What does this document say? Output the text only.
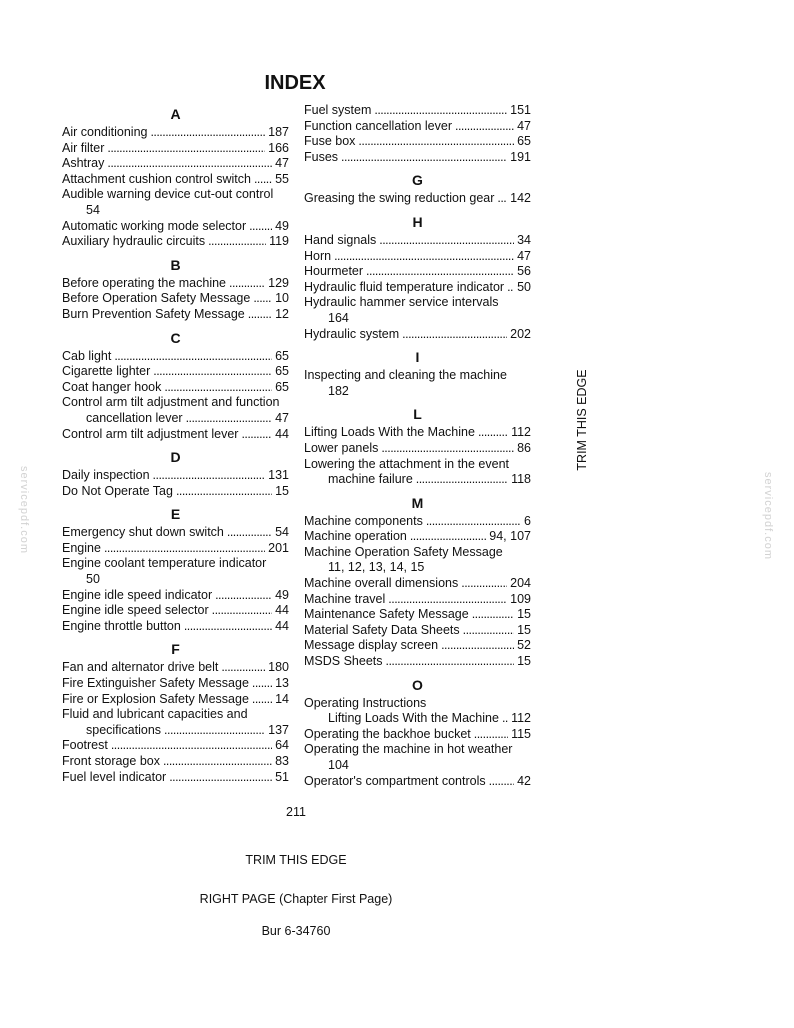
INDEX
A
Air conditioning . . .	187
Air filter . . .	166
Ashtray . . .	47
Attachment cushion control switch . . . 55
Audible warning device cut-out control
54
Automatic working mode selector . . . 49
Auxiliary hydraulic circuits . . .	119
B
Before operating the machine . . .	129
Before Operation Safety Message . . . 10
Burn Prevention Safety Message . . . 12
C
Cab light . . .	65
Cigarette lighter . . .	65
Coat hanger hook . . .	65
Control arm tilt adjustment and function
cancellation lever . . .	47
Control arm tilt adjustment lever . . .	44
D
Daily inspection . . .	131
Do Not Operate Tag . . .	15
E
Emergency shut down switch . . .	54
Engine . . .	201
Engine coolant temperature indicator
50
Engine idle speed indicator . . .	49
Engine idle speed selector . . .	44
Engine throttle button . . .	44
F
Fan and alternator drive belt . . .	180
Fire Extinguisher Safety Message . . . 13
Fire or Explosion Safety Message . . . 14
Fluid and lubricant capacities and
specifications . . .	137
Footrest . . .	64
Front storage box . . .	83
Fuel level indicator . . .	51
Fuel system . . .	151
Function cancellation lever . . .	47
Fuse box . . .	65
Fuses . . .	191
G
Greasing the swing reduction gear . . . 142
H
Hand signals . . .	34
Horn . . .	47
Hourmeter . . .	56
Hydraulic fluid temperature indicator . . . 50
Hydraulic hammer service intervals
164
Hydraulic system . . .	202
I
Inspecting and cleaning the machine
182
L
Lifting Loads With the Machine . . .	112
Lower panels . . .	86
Lowering the attachment in the event
machine failure . . .	118
M
Machine components . . .	6
Machine operation . . .	94, 107
Machine Operation Safety Message
11, 12, 13, 14, 15
Machine overall dimensions . . .	204
Machine travel . . .	109
Maintenance Safety Message . . .	15
Material Safety Data Sheets . . .	15
Message display screen . . .	52
MSDS Sheets . . .	15
O
Operating Instructions
Lifting Loads With the Machine . . . 112
Operating the backhoe bucket . . .	115
Operating the machine in hot weather
104
Operator's compartment controls . . .	42
TRIM THIS EDGE
servicepdf.com	servicepdf.com
211
TRIM THIS EDGE
RIGHT PAGE (Chapter First Page)
Bur 6-34760
